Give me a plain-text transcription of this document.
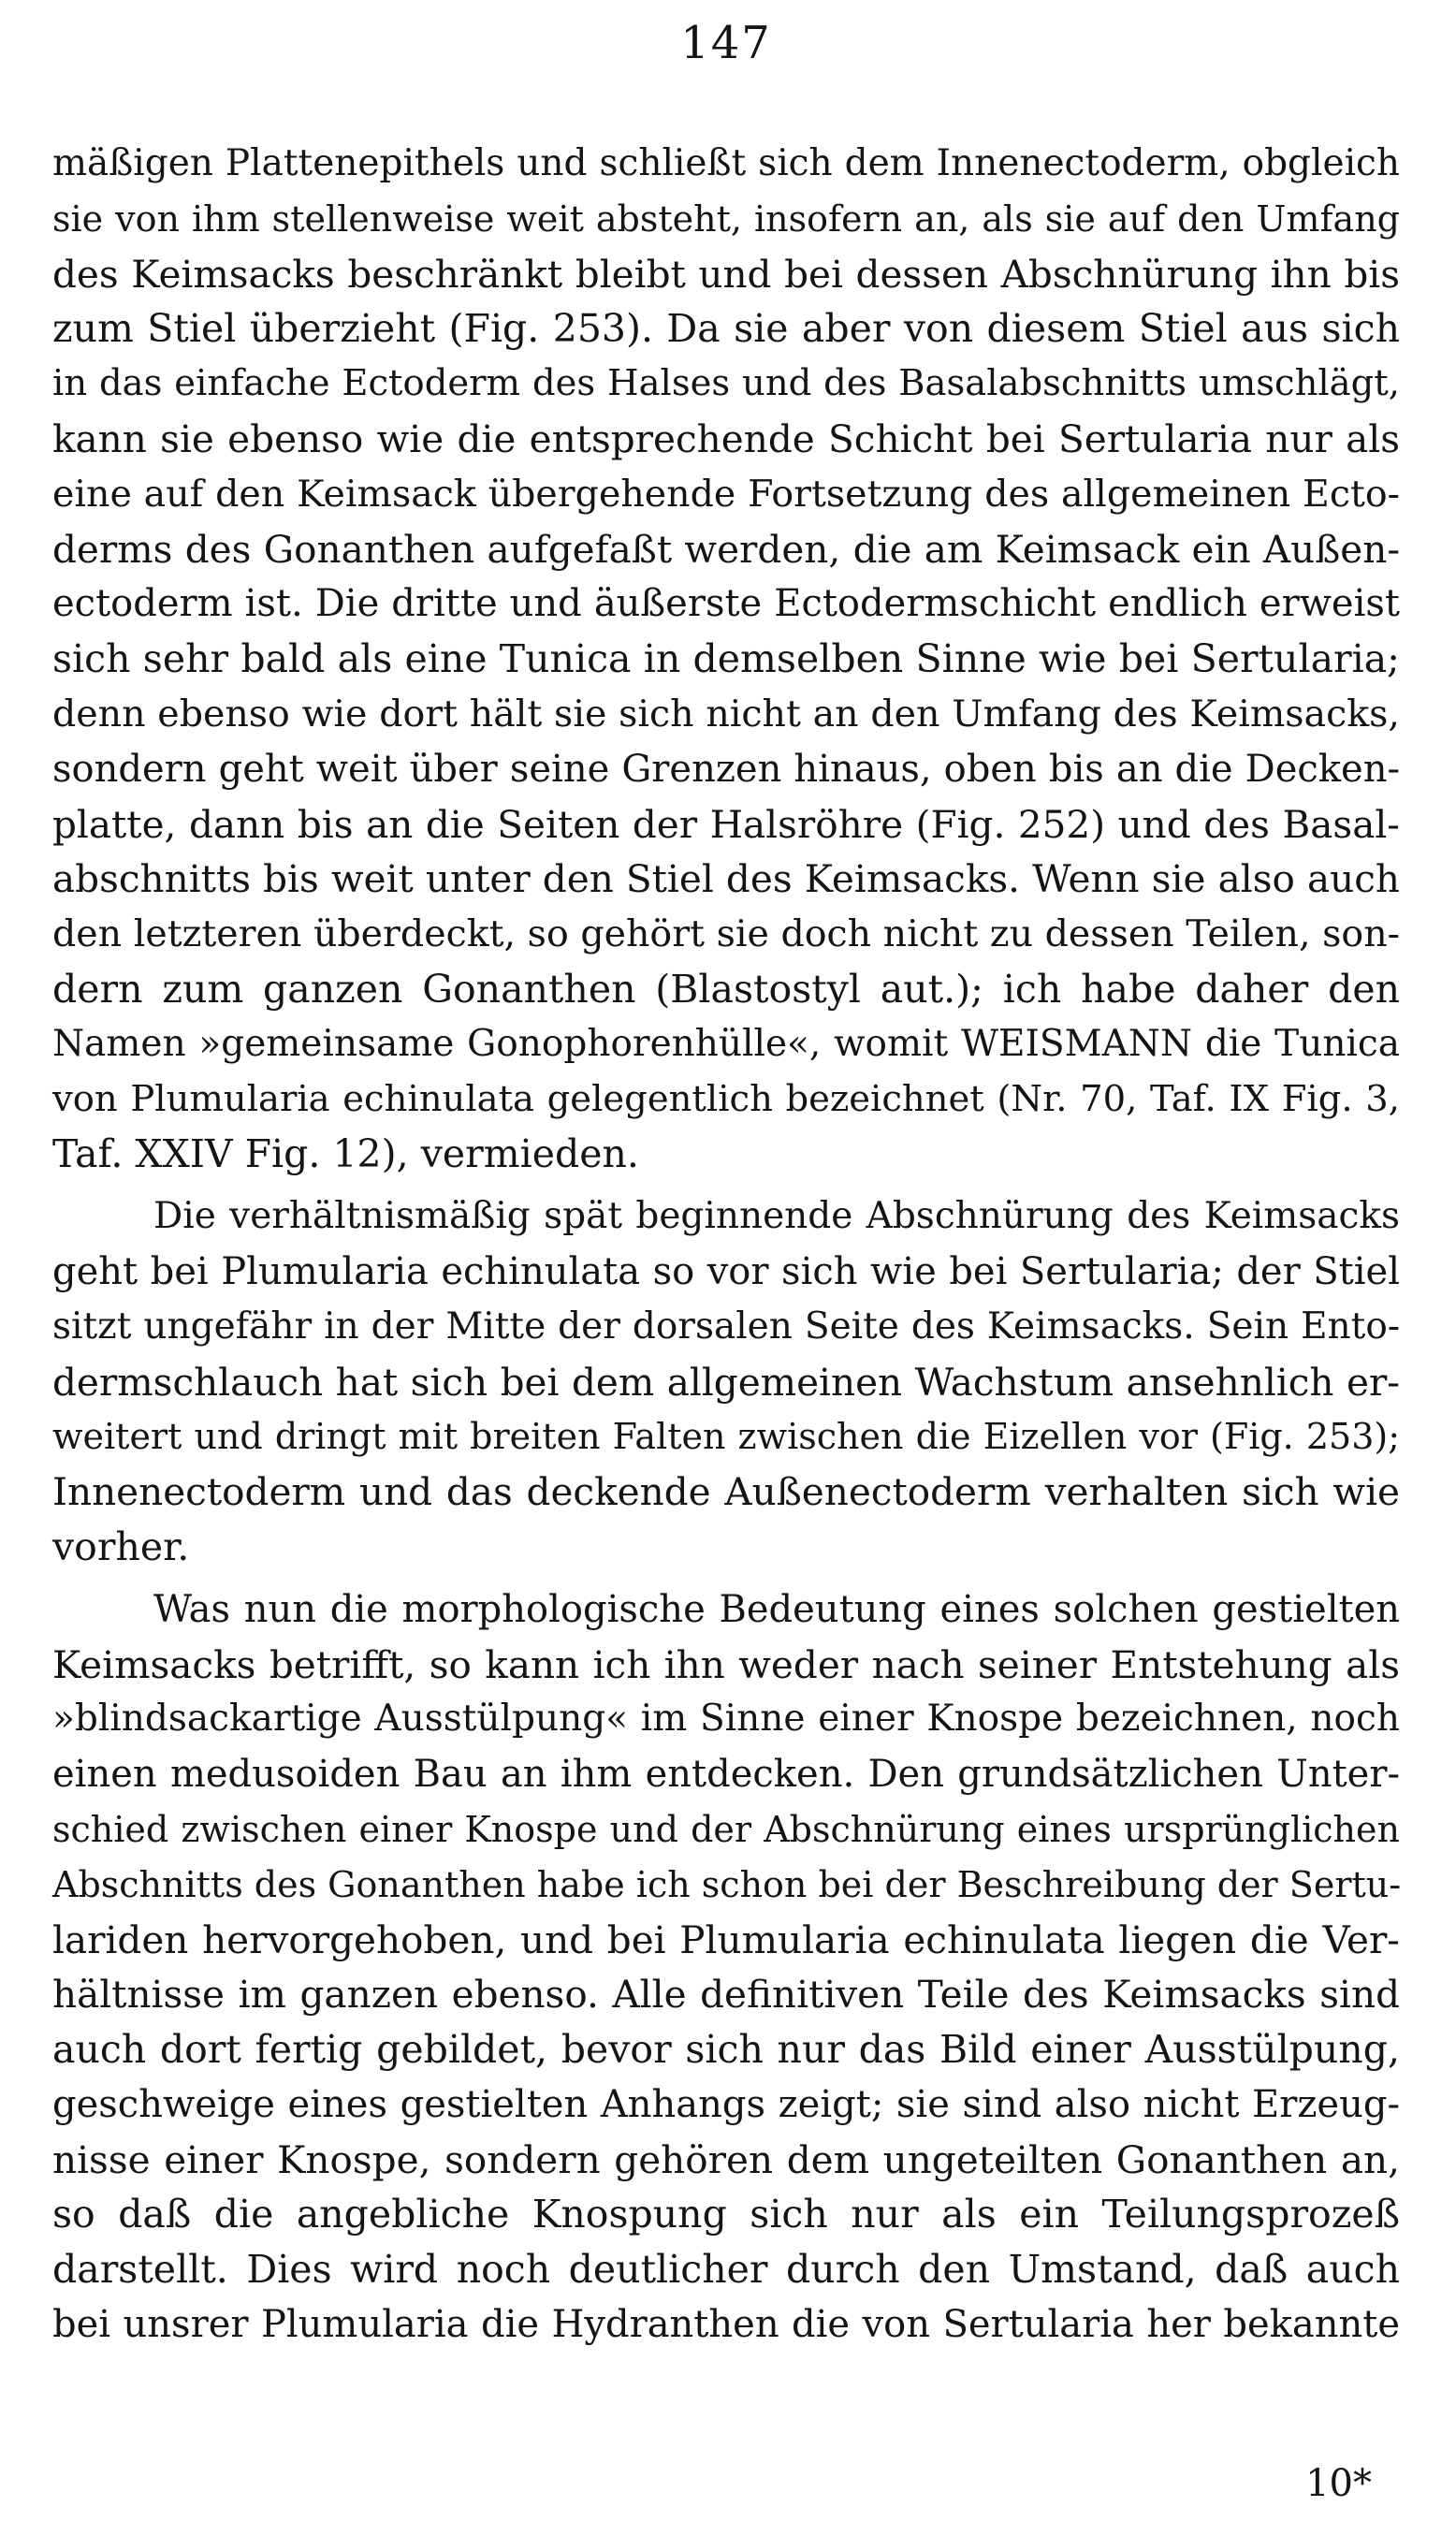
147
mäßigen Plattenepithels und schließt sich dem Innenectoderm, obgleich
sie von ihm stellenweise weit absteht, insofern an, als sie auf den Umfang
des Keimsacks beschränkt bleibt und bei dessen Abschnürung ihn bis
zum Stiel überzieht (Fig. 253). Da sie aber von diesem Stiel aus sich
in das einfache Ectoderm des Halses und des Basalabschnitts umschlägt,
kann sie ebenso wie die entsprechende Schicht bei Sertularia nur als
eine auf den Keimsack übergehende Fortsetzung des allgemeinen Ecto-
derms des Gonanthen aufgefaßt werden, die am Keimsack ein Außen-
ectoderm ist. Die dritte und äußerste Ectodermschicht endlich erweist
sich sehr bald als eine Tunica in demselben Sinne wie bei Sertularia;
denn ebenso wie dort hält sie sich nicht an den Umfang des Keimsacks,
sondern geht weit über seine Grenzen hinaus, oben bis an die Decken-
platte, dann bis an die Seiten der Halsröhre (Fig. 252) und des Basal-
abschnitts bis weit unter den Stiel des Keimsacks. Wenn sie also auch
den letzteren überdeckt, so gehört sie doch nicht zu dessen Teilen, son-
dern zum ganzen Gonanthen (Blastostyl aut.); ich habe daher den
Namen »gemeinsame Gonophorenhülle«, womit WEISMANN die Tunica
von Plumularia echinulata gelegentlich bezeichnet (Nr. 70, Taf. IX Fig. 3,
Taf. XXIV Fig. 12), vermieden.
Die verhältnismäßig spät beginnende Abschnürung des Keimsacks
geht bei Plumularia echinulata so vor sich wie bei Sertularia; der Stiel
sitzt ungefähr in der Mitte der dorsalen Seite des Keimsacks. Sein Ento-
dermschlauch hat sich bei dem allgemeinen Wachstum ansehnlich er-
weitert und dringt mit breiten Falten zwischen die Eizellen vor (Fig. 253);
Innenectoderm und das deckende Außenectoderm verhalten sich wie
vorher.
Was nun die morphologische Bedeutung eines solchen gestielten
Keimsacks betrifft, so kann ich ihn weder nach seiner Entstehung als
»blindsackartige Ausstülpung« im Sinne einer Knospe bezeichnen, noch
einen medusoiden Bau an ihm entdecken. Den grundsätzlichen Unter-
schied zwischen einer Knospe und der Abschnürung eines ursprünglichen
Abschnitts des Gonanthen habe ich schon bei der Beschreibung der Sertu-
lariden hervorgehoben, und bei Plumularia echinulata liegen die Ver-
hältnisse im ganzen ebenso. Alle definitiven Teile des Keimsacks sind
auch dort fertig gebildet, bevor sich nur das Bild einer Ausstülpung,
geschweige eines gestielten Anhangs zeigt; sie sind also nicht Erzeug-
nisse einer Knospe, sondern gehören dem ungeteilten Gonanthen an,
so daß die angebliche Knospung sich nur als ein Teilungsprozeß
darstellt. Dies wird noch deutlicher durch den Umstand, daß auch
bei unsrer Plumularia die Hydranthen die von Sertularia her bekannte
10*
